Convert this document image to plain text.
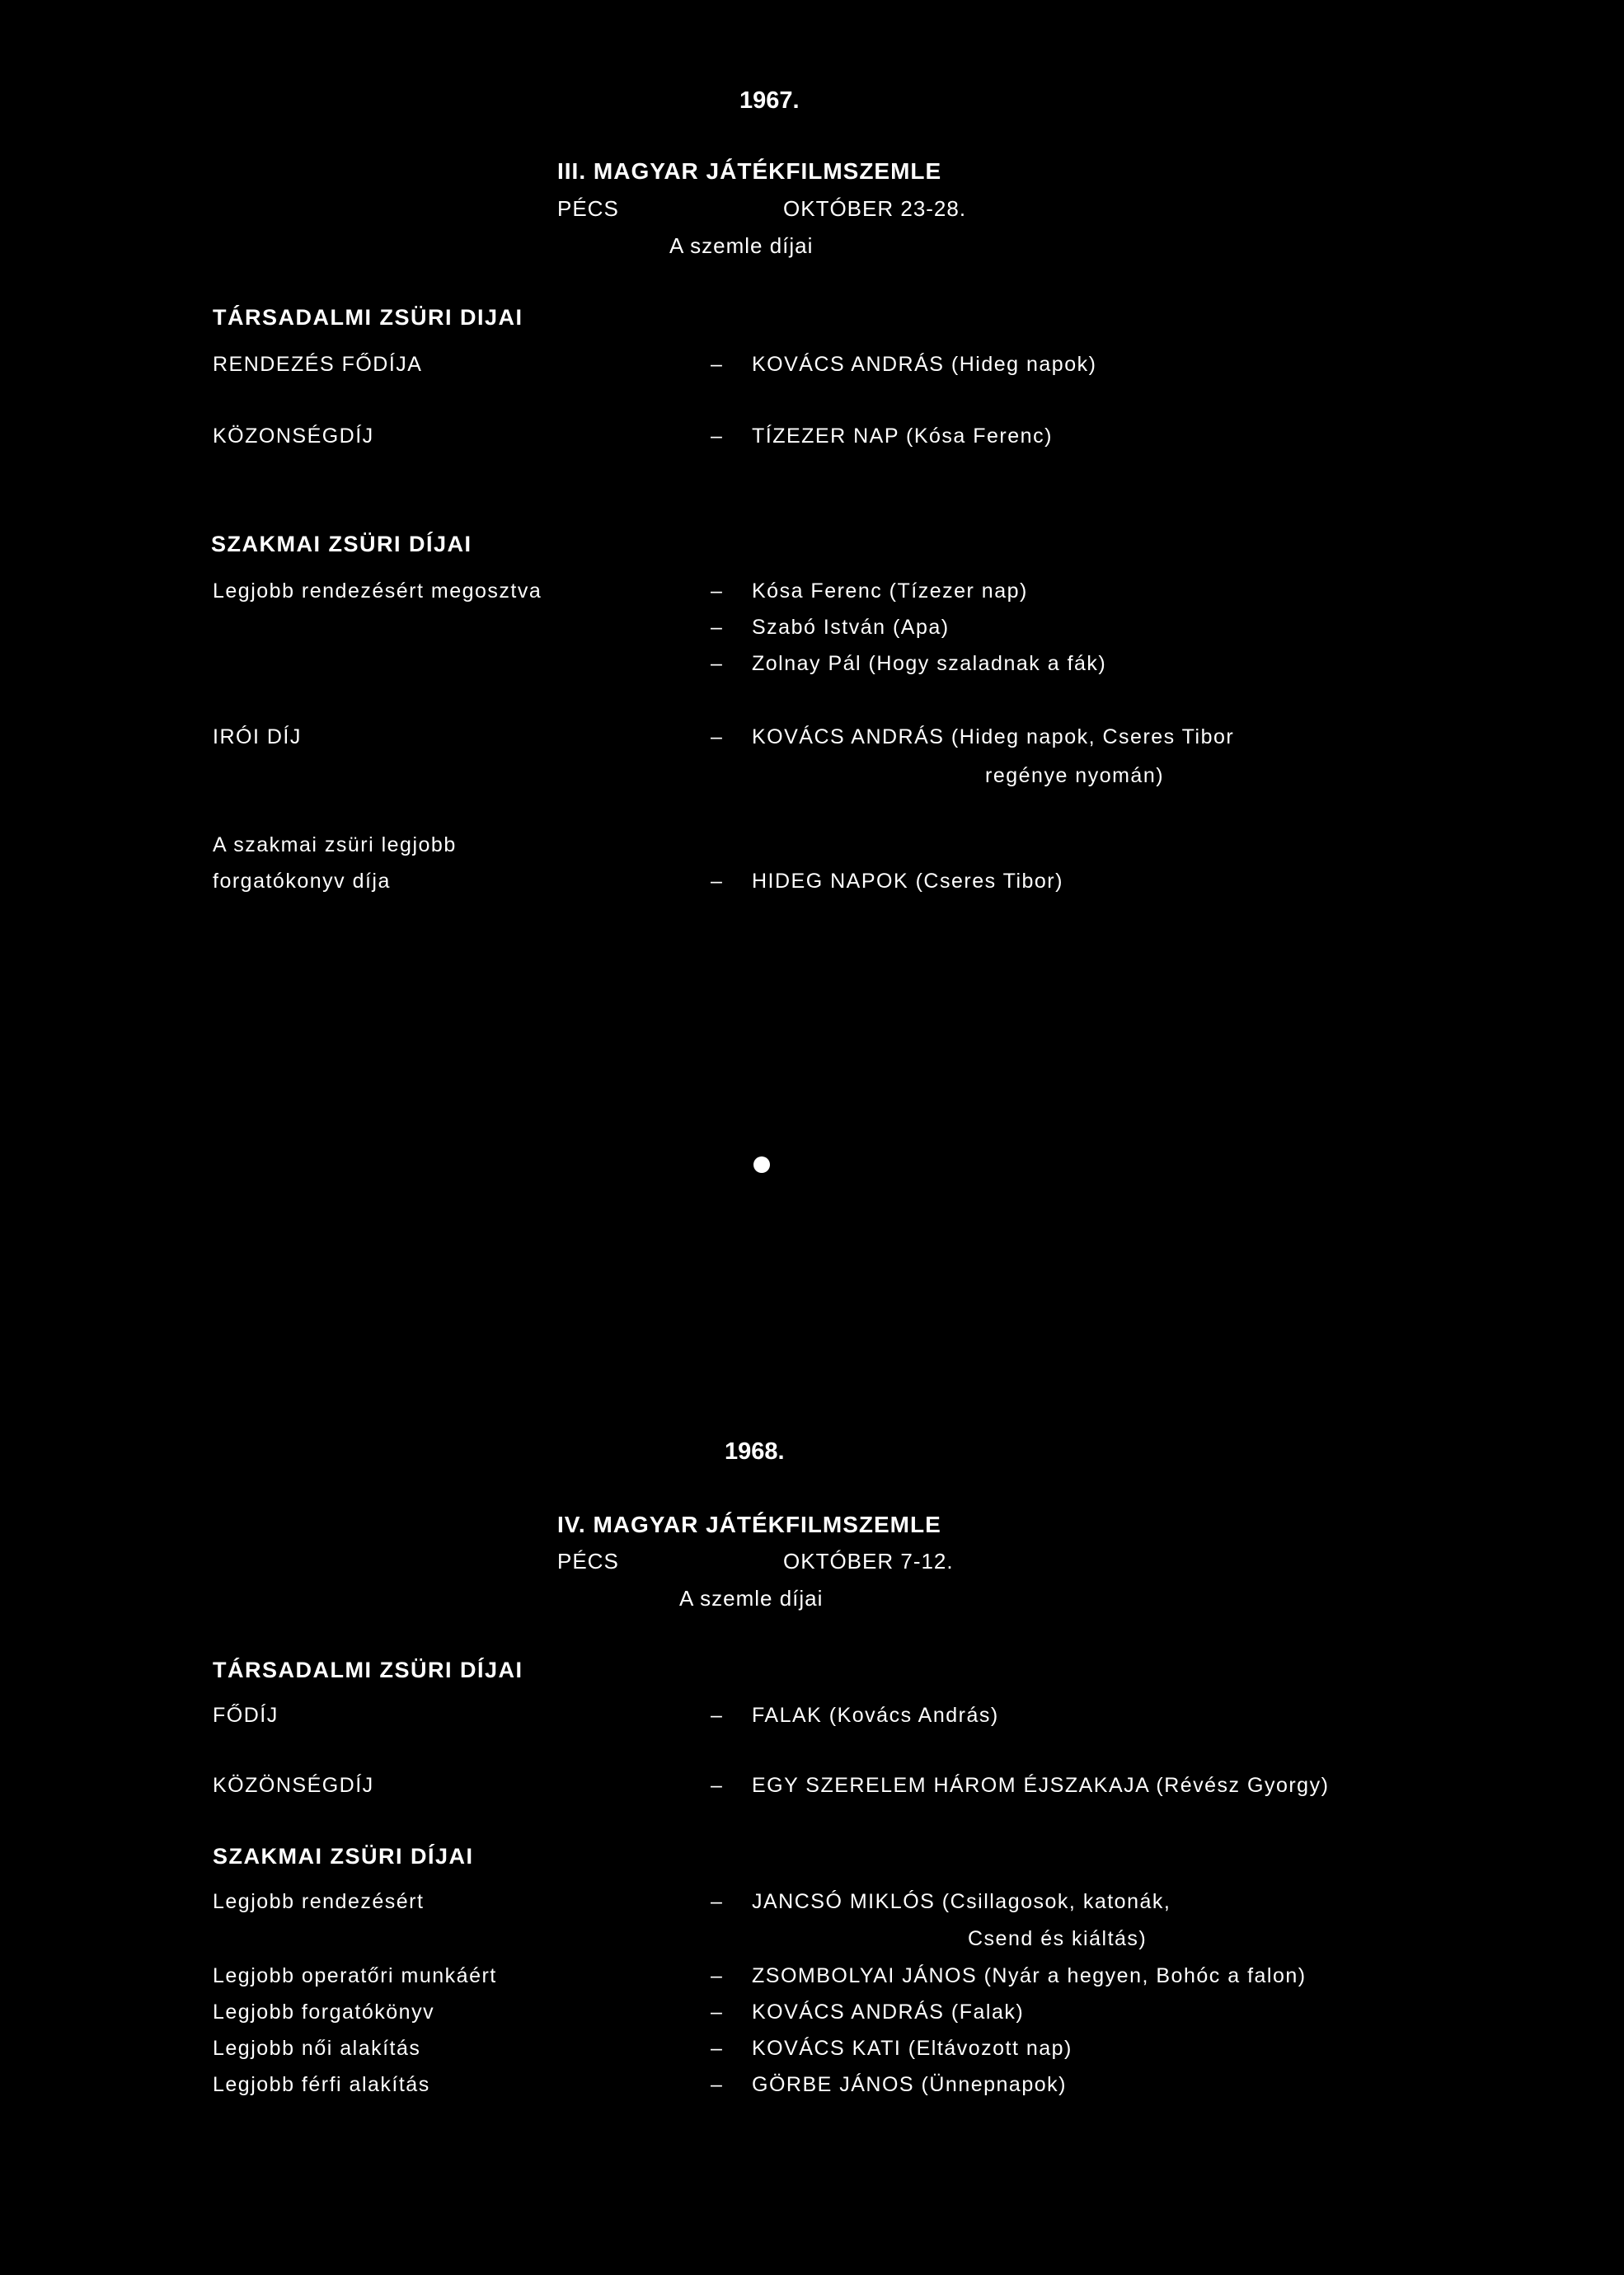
1967.
III. MAGYAR JÁTÉKFILMSZEMLE
PÉCS	OKTÓBER 23-28.
A szemle díjai
TÁRSADALMI ZSÜRI DIJAI
RENDEZÉS FŐDÍJA	– KOVÁCS ANDRÁS (Hideg napok)
KÖZONSÉGDÍJ	– TÍZEZER NAP (Kósa Ferenc)
SZAKMAI ZSÜRI DÍJAI
Legjobb rendezésért megosztva	– Kósa Ferenc (Tízezer nap)
– Szabó István (Apa)
– Zolnay Pál (Hogy szaladnak a fák)
IRÓI DÍJ	– KOVÁCS ANDRÁS (Hideg napok, Cseres Tibor
regénye nyomán)
A szakmai zsüri legjobb
forgatókonyv díja	– HIDEG NAPOK (Cseres Tibor)
1968.
IV. MAGYAR JÁTÉKFILMSZEMLE
PÉCS	OKTÓBER 7-12.
A szemle díjai
TÁRSADALMI ZSÜRI DÍJAI
FŐDÍJ	– FALAK (Kovács András)
KÖZÖNSÉGDÍJ	– EGY SZERELEM HÁROM ÉJSZAKAJA (Révész Gyorgy)
SZAKMAI ZSÜRI DÍJAI
Legjobb rendezésért	– JANCSÓ MIKLÓS (Csillagosok, katonák,
Csend és kiáltás)
Legjobb operatőri munkáért	– ZSOMBOLYAI JÁNOS (Nyár a hegyen, Bohóc a falon)
Legjobb forgatókönyv	– KOVÁCS ANDRÁS (Falak)
Legjobb női alakítás	– KOVÁCS KATI (Eltávozott nap)
Legjobb férfi alakítás	– GÖRBE JÁNOS (Ünnepnapok)
